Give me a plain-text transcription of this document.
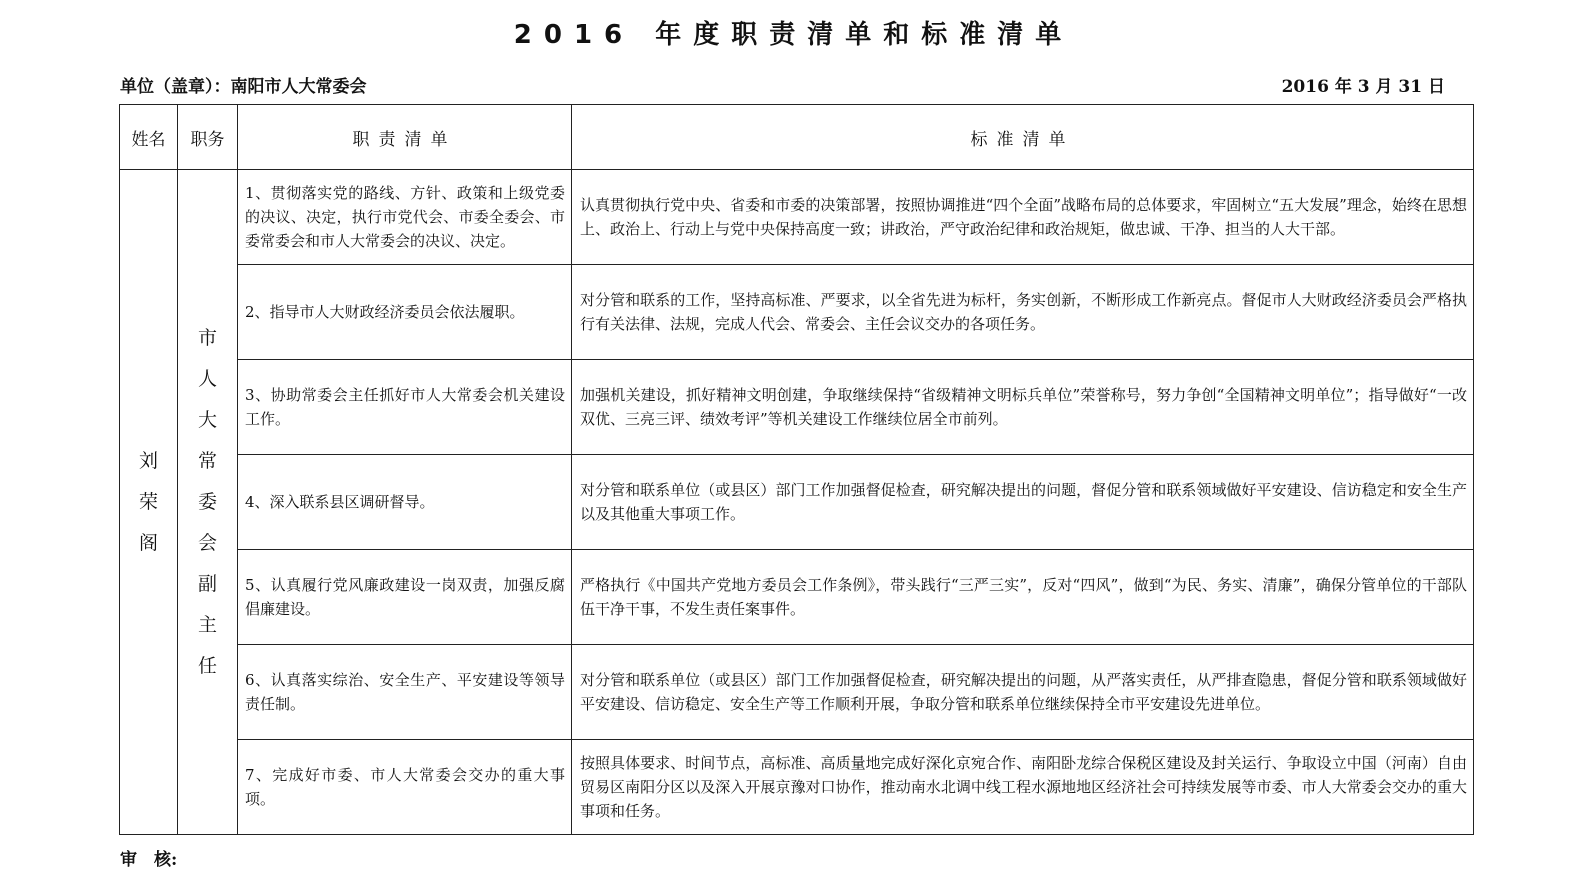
2016 年度职责清单和标准清单
单位（盖章）：南阳市人大常委会	2016 年 3 月 31 日
姓名	职务	职责清单	标准清单
刘荣阁	市人大常委会副主任	1、贯彻落实党的路线、方针、政策和上级党委的决议、决定，执行市党代会、市委全委会、市委常委会和市人大常委会的决议、决定。	认真贯彻执行党中央、省委和市委的决策部署，按照协调推进“四个全面”战略布局的总体要求，牢固树立“五大发展”理念，始终在思想上、政治上、行动上与党中央保持高度一致；讲政治，严守政治纪律和政治规矩，做忠诚、干净、担当的人大干部。
		2、指导市人大财政经济委员会依法履职。	对分管和联系的工作，坚持高标准、严要求，以全省先进为标杆，务实创新，不断形成工作新亮点。督促市人大财政经济委员会严格执行有关法律、法规，完成人代会、常委会、主任会议交办的各项任务。
		3、协助常委会主任抓好市人大常委会机关建设工作。	加强机关建设，抓好精神文明创建，争取继续保持“省级精神文明标兵单位”荣誉称号，努力争创“全国精神文明单位”；指导做好“一改双优、三亮三评、绩效考评”等机关建设工作继续位居全市前列。
		4、深入联系县区调研督导。	对分管和联系单位（或县区）部门工作加强督促检查，研究解决提出的问题，督促分管和联系领域做好平安建设、信访稳定和安全生产以及其他重大事项工作。
		5、认真履行党风廉政建设一岗双责，加强反腐倡廉建设。	严格执行《中国共产党地方委员会工作条例》，带头践行“三严三实”，反对“四风”，做到“为民、务实、清廉”，确保分管单位的干部队伍干净干事，不发生责任案事件。
		6、认真落实综治、安全生产、平安建设等领导责任制。	对分管和联系单位（或县区）部门工作加强督促检查，研究解决提出的问题，从严落实责任，从严排查隐患，督促分管和联系领域做好平安建设、信访稳定、安全生产等工作顺利开展，争取分管和联系单位继续保持全市平安建设先进单位。
		7、完成好市委、市人大常委会交办的重大事项。	按照具体要求、时间节点，高标准、高质量地完成好深化京宛合作、南阳卧龙综合保税区建设及封关运行、争取设立中国（河南）自由贸易区南阳分区以及深入开展京豫对口协作，推动南水北调中线工程水源地地区经济社会可持续发展等市委、市人大常委会交办的重大事项和任务。
审　核:
